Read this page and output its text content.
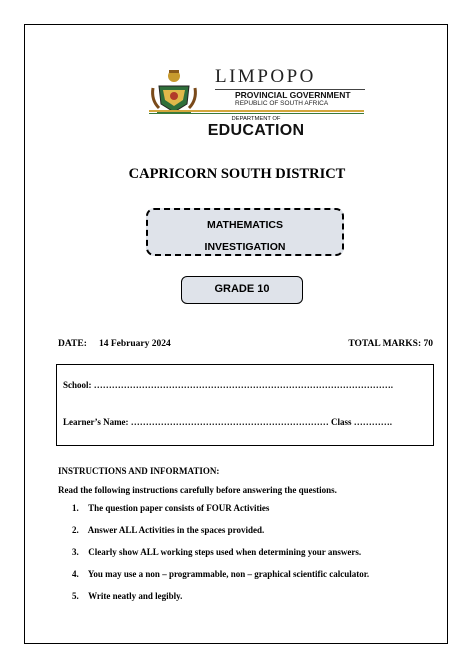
LIMPOPO
PROVINCIAL GOVERNMENT
REPUBLIC OF SOUTH AFRICA
DEPARTMENT OF
EDUCATION
CAPRICORN SOUTH DISTRICT
MATHEMATICS
INVESTIGATION
GRADE 10
DATE: 14 February 2024	TOTAL MARKS: 70
School: ……………………………………………………………………………………….
Learner’s Name: ………………………………………………………… Class ………….
INSTRUCTIONS AND INFORMATION:
Read the following instructions carefully before answering the questions.
1. The question paper consists of FOUR Activities
2. Answer ALL Activities in the spaces provided.
3. Clearly show ALL working steps used when determining your answers.
4. You may use a non – programmable, non – graphical scientific calculator.
5. Write neatly and legibly.
